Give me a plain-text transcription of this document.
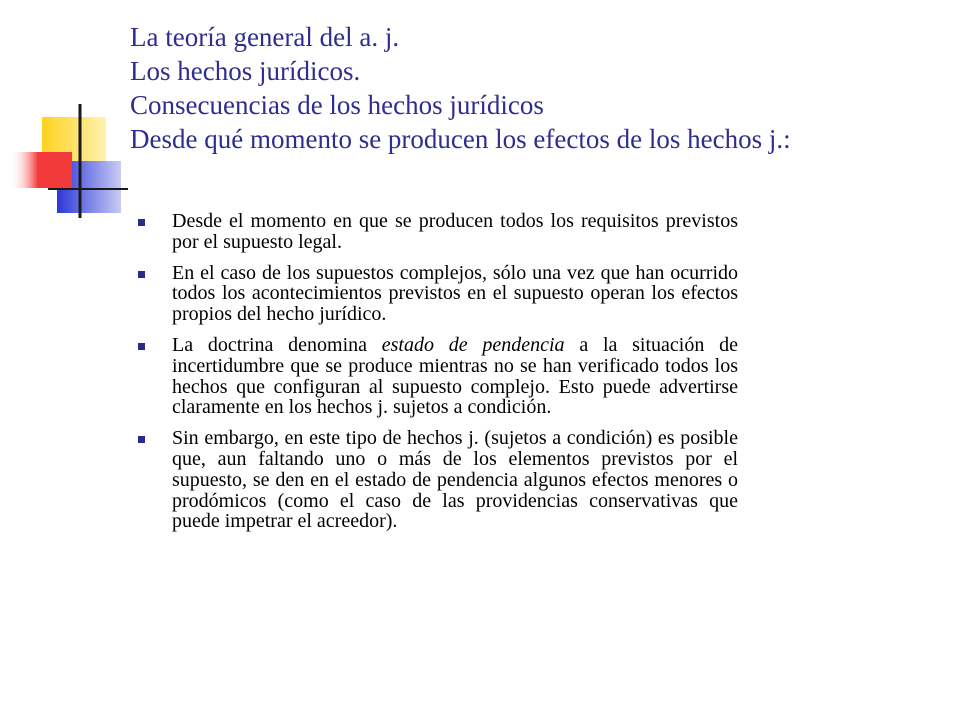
La teoría general del a. j.
Los hechos jurídicos.
Consecuencias de los hechos jurídicos
Desde qué momento se producen los efectos de los hechos j.:
Desde el momento en que se producen todos los requisitos previstos por el supuesto legal.
En el caso de los supuestos complejos, sólo una vez que han ocurrido todos los acontecimientos previstos en el supuesto operan los efectos propios del hecho jurídico.
La doctrina denomina estado de pendencia a la situación de incertidumbre que se produce mientras no se han verificado todos los hechos que configuran al supuesto complejo. Esto puede advertirse claramente en los hechos j. sujetos a condición.
Sin embargo, en este tipo de hechos j. (sujetos a condición) es posible que, aun faltando uno o más de los elementos previstos por el supuesto, se den en el estado de pendencia algunos efectos menores o prodómicos (como el caso de las providencias conservativas que puede impetrar el acreedor).
